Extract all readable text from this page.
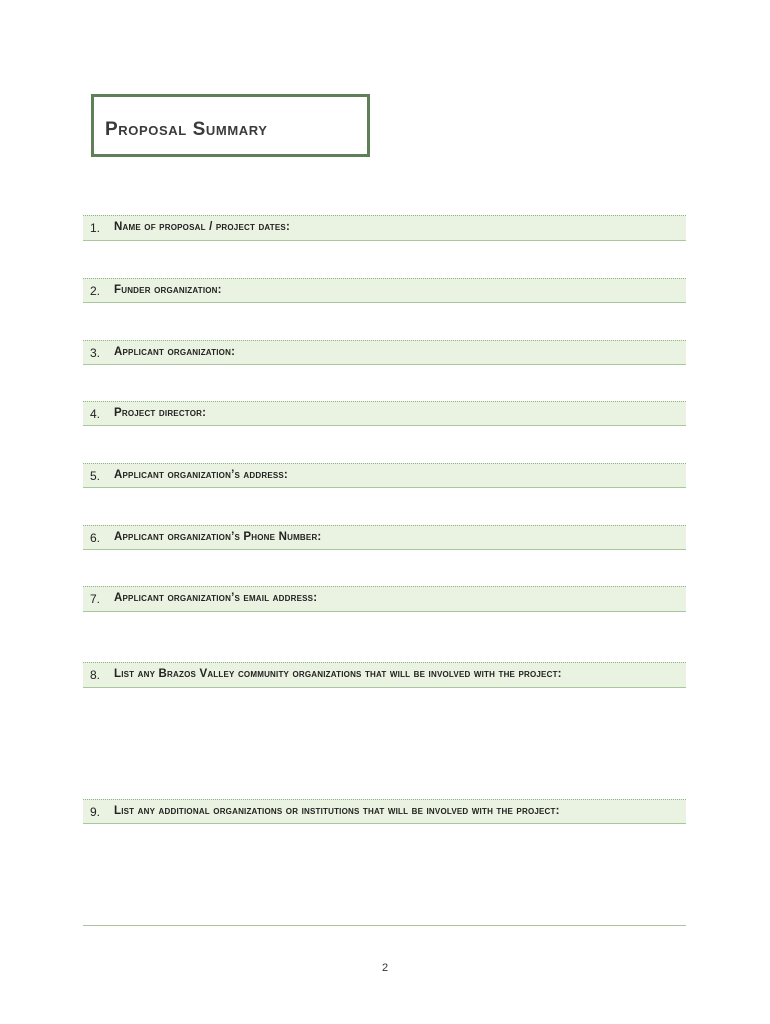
Proposal Summary
1. Name of proposal / project dates:
2. Funder organization:
3. Applicant organization:
4. Project director:
5. Applicant organization’s address:
6. Applicant organization’s Phone Number:
7. Applicant organization’s email address:
8. List any Brazos Valley community organizations that will be involved with the project:
9. List any additional organizations or institutions that will be involved with the project:
2
